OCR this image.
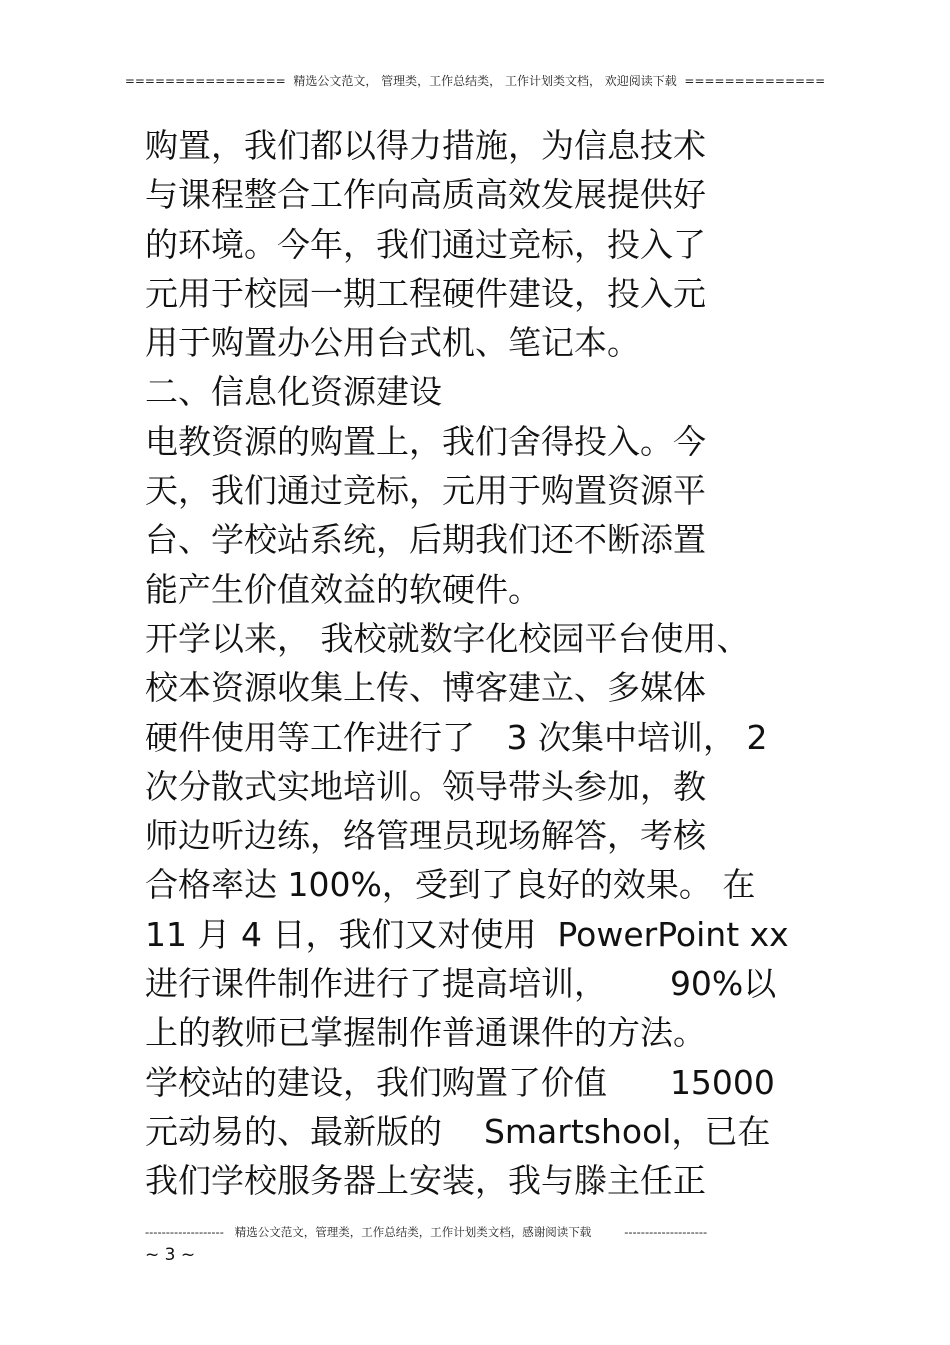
================  精选公文范文， 管理类，工作总结类， 工作计划类文档， 欢迎阅读下载  ==============
购置，我们都以得力措施，为信息技术
与课程整合工作向高质高效发展提供好
的环境。今年，我们通过竞标，投入了
元用于校园一期工程硬件建设，投入元
用于购置办公用台式机、笔记本。
二、信息化资源建设
电教资源的购置上，我们舍得投入。今
天，我们通过竞标，元用于购置资源平
台、学校站系统，后期我们还不断添置
能产生价值效益的软硬件。
开学以来， 我校就数字化校园平台使用、
校本资源收集上传、博客建立、多媒体
硬件使用等工作进行了   3 次集中培训， 2
次分散式实地培训。领导带头参加，教
师边听边练，络管理员现场解答，考核
合格率达 100%，受到了良好的效果。 在
11 月 4 日，我们又对使用  PowerPoint xx
进行课件制作进行了提高培训，      90%以
上的教师已掌握制作普通课件的方法。
学校站的建设，我们购置了价值      15000
元动易的、最新版的    Smartshool，已在
我们学校服务器上安装，我与滕主任正
-------------------   精选公文范文，管理类，工作总结类，工作计划类文档，感谢阅读下载         --------------------
~ 3 ~
